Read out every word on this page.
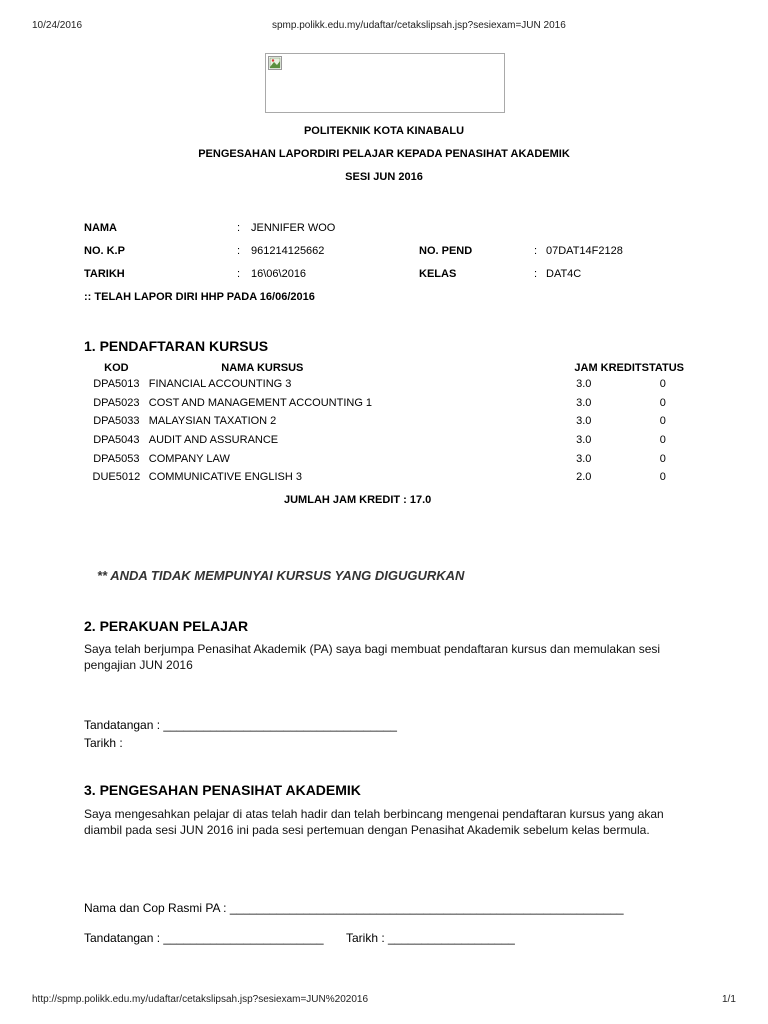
10/24/2016	spmp.polikk.edu.my/udaftar/cetakslipsah.jsp?sesiexam=JUN 2016
POLITEKNIK KOTA KINABALU
PENGESAHAN LAPORDIRI PELAJAR KEPADA PENASIHAT AKADEMIK
SESI JUN 2016
NAMA	: JENNIFER WOO
NO. K.P	: 961214125662	NO. PEND	: 07DAT14F2128
TARIKH	: 16\06\2016	KELAS	: DAT4C
:: TELAH LAPOR DIRI HHP PADA 16/06/2016
1. PENDAFTARAN KURSUS
KOD	NAMA KURSUS	JAM KREDIT	STATUS
DPA5013	FINANCIAL ACCOUNTING 3	3.0	0
DPA5023	COST AND MANAGEMENT ACCOUNTING 1	3.0	0
DPA5033	MALAYSIAN TAXATION 2	3.0	0
DPA5043	AUDIT AND ASSURANCE	3.0	0
DPA5053	COMPANY LAW	3.0	0
DUE5012	COMMUNICATIVE ENGLISH 3	2.0	0
JUMLAH JAM KREDIT : 17.0
** ANDA TIDAK MEMPUNYAI KURSUS YANG DIGUGURKAN
2. PERAKUAN PELAJAR
Saya telah berjumpa Penasihat Akademik (PA) saya bagi membuat pendaftaran kursus dan memulakan sesi pengajian JUN 2016
Tandatangan : ___________________________________
Tarikh :
3. PENGESAHAN PENASIHAT AKADEMIK
Saya mengesahkan pelajar di atas telah hadir dan telah berbincang mengenai pendaftaran kursus yang akan diambil pada sesi JUN 2016 ini pada sesi pertemuan dengan Penasihat Akademik sebelum kelas bermula.
Nama dan Cop Rasmi PA : ___________________________________________________________
Tandatangan : ________________________ Tarikh : ___________________
http://spmp.polikk.edu.my/udaftar/cetakslipsah.jsp?sesiexam=JUN%202016	1/1
